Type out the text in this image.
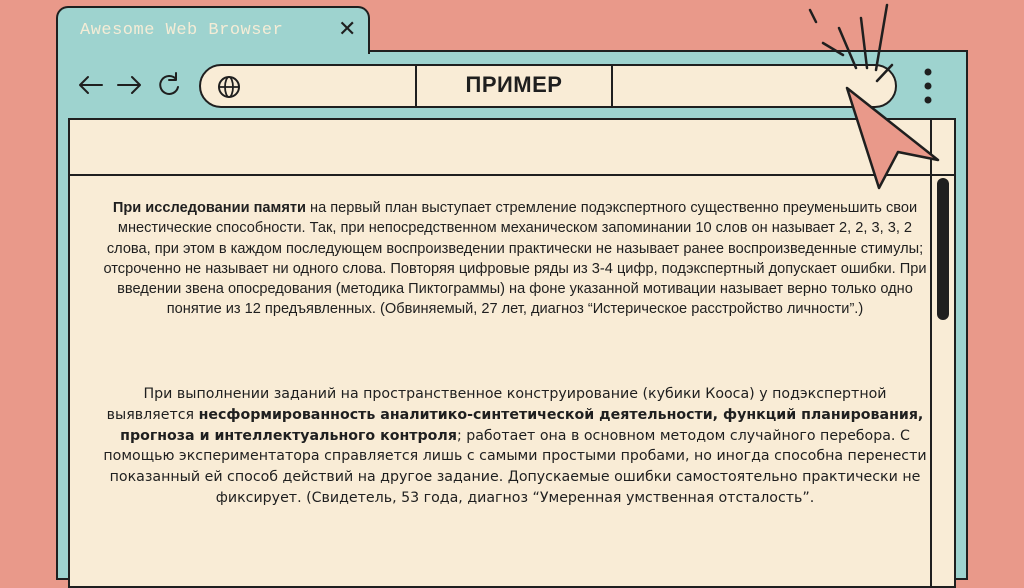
Awesome Web Browser ✕
ПРИМЕР
При исследовании памяти на первый план выступает стремление подэкспертного существенно преуменьшить свои мнестические способности. Так, при непосредственном механическом запоминании 10 слов он называет 2, 2, 3, 3, 2 слова, при этом в каждом последующем воспроизведении практически не называет ранее воспроизведенные стимулы; отсроченно не называет ни одного слова. Повторяя цифровые ряды из 3-4 цифр, подэкспертный допускает ошибки. При введении звена опосредования (методика Пиктограммы) на фоне указанной мотивации называет верно только одно понятие из 12 предъявленных. (Обвиняемый, 27 лет, диагноз “Истерическое расстройство личности”.)
При выполнении заданий на пространственное конструирование (кубики Кооса) у подэкспертной выявляется несформированность аналитико-синтетической деятельности, функций планирования, прогноза и интеллектуального контроля; работает она в основном методом случайного перебора. С помощью экспериментатора справляется лишь с самыми простыми пробами, но иногда способна перенести показанный ей способ действий на другое задание. Допускаемые ошибки самостоятельно практически не фиксирует. (Свидетель, 53 года, диагноз “Умеренная умственная отсталость”.
